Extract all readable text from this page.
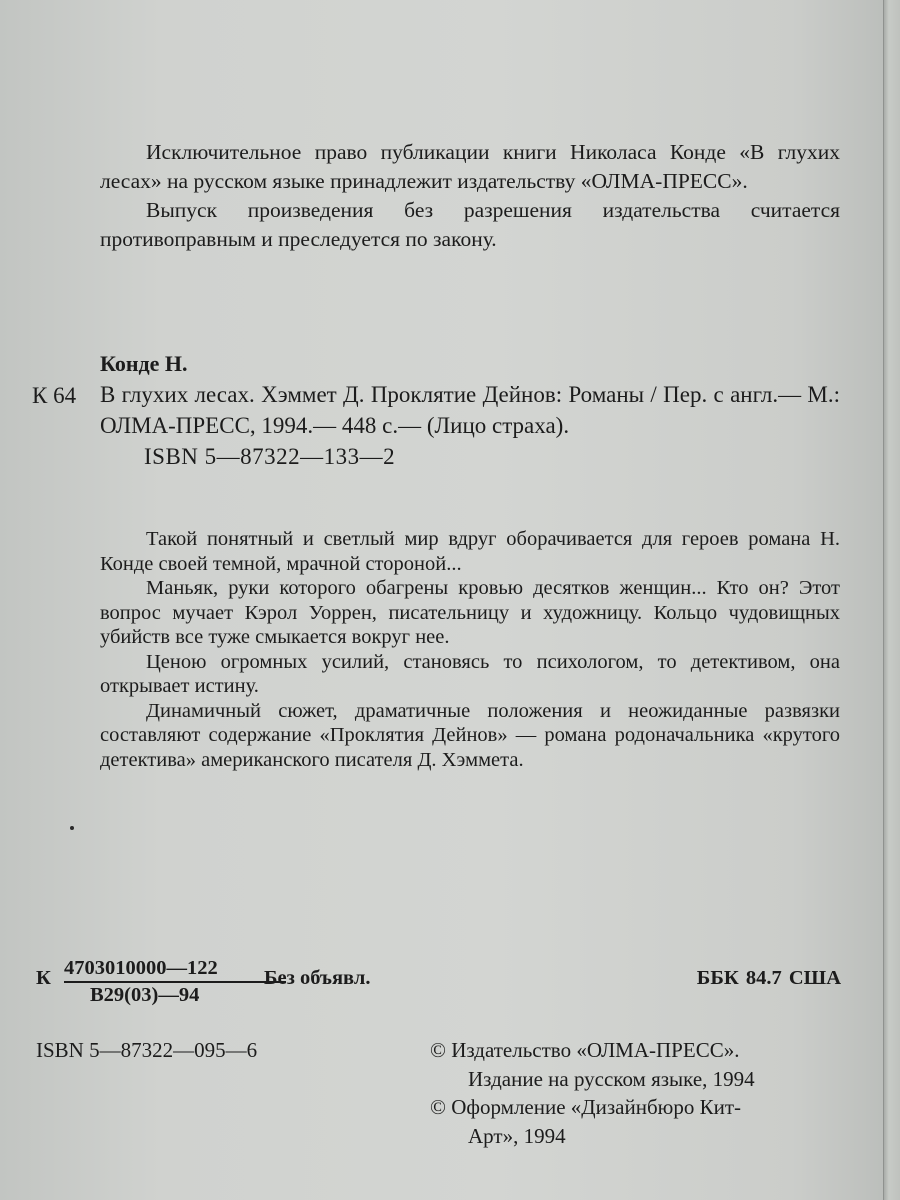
Исключительное право публикации книги Николаса Конде «В глухих лесах» на русском языке принадлежит издательству «ОЛМА-ПРЕСС».

Выпуск произведения без разрешения издательства считается противоправным и преследуется по закону.

К 64

Конде Н.

В глухих лесах. Хэммет Д. Проклятие Дейнов: Романы / Пер. с англ.— М.: ОЛМА-ПРЕСС, 1994.— 448 с.— (Лицо страха).

ISBN 5—87322—133—2

Такой понятный и светлый мир вдруг оборачивается для героев романа Н. Конде своей темной, мрачной стороной...

Маньяк, руки которого обагрены кровью десятков женщин... Кто он? Этот вопрос мучает Кэрол Уоррен, писательницу и художницу. Кольцо чудовищных убийств все туже смыкается вокруг нее.

Ценою огромных усилий, становясь то психологом, то детективом, она открывает истину.

Динамичный сюжет, драматичные положения и неожиданные развязки составляют содержание «Проклятия Дейнов» — романа родоначальника «крутого детектива» американского писателя Д. Хэммета.

К 4703010000—122
В29(03)—94
Без объявл.	ББК 84.7 США
ISBN 5—87322—095—6	© Издательство «ОЛМА-ПРЕСС».
Издание на русском языке, 1994
© Оформление «Дизайнбюро Кит-
Арт», 1994
